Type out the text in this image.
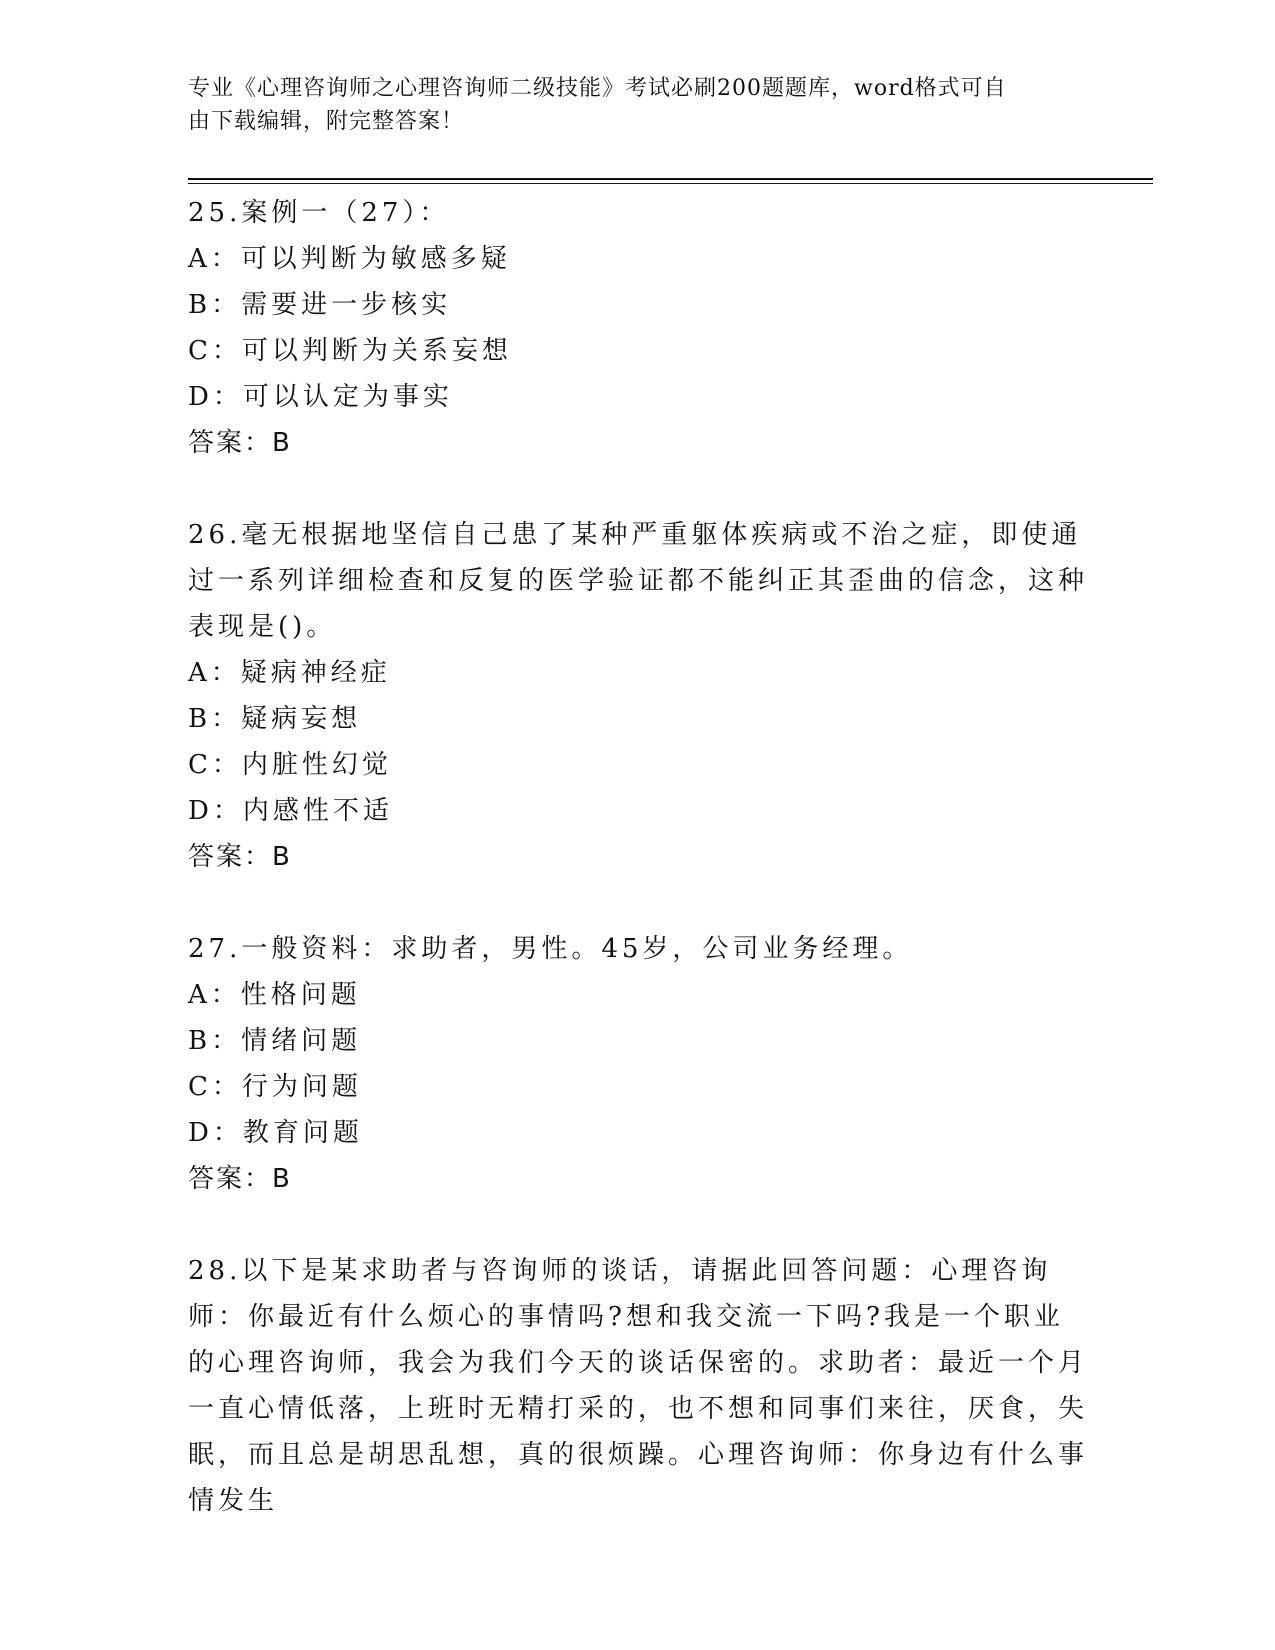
专业《心理咨询师之心理咨询师二级技能》考试必刷200题题库，word格式可自
由下载编辑，附完整答案！

25.案例一（27）：

A：可以判断为敏感多疑

B：需要进一步核实

C：可以判断为关系妄想

D：可以认定为事实

答案：B

26.毫无根据地坚信自己患了某种严重躯体疾病或不治之症，即使通过一系列详细检查和反复的医学验证都不能纠正其歪曲的信念，这种表现是()。

A：疑病神经症

B：疑病妄想

C：内脏性幻觉

D：内感性不适

答案：B

27.一般资料：求助者，男性。45岁，公司业务经理。

A：性格问题

B：情绪问题

C：行为问题

D：教育问题

答案：B

28.以下是某求助者与咨询师的谈话，请据此回答问题：心理咨询师：你最近有什么烦心的事情吗?想和我交流一下吗?我是一个职业的心理咨询师，我会为我们今天的谈话保密的。求助者：最近一个月一直心情低落，上班时无精打采的，也不想和同事们来往，厌食，失眠，而且总是胡思乱想，真的很烦躁。心理咨询师：你身边有什么事情发生
